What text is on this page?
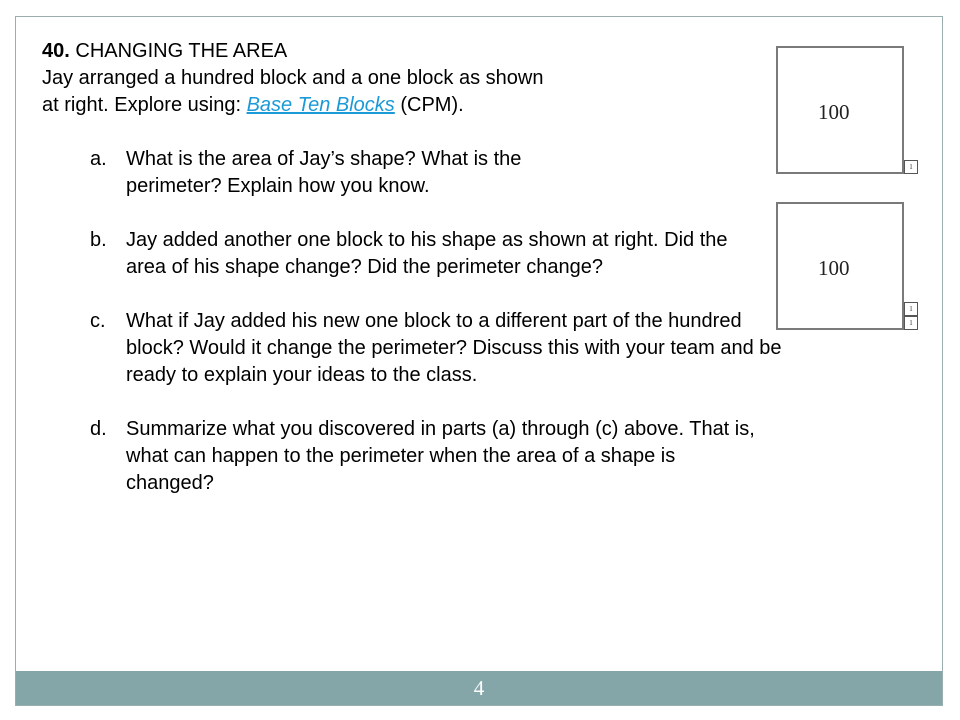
40. CHANGING THE AREA
Jay arranged a hundred block and a one block as shown
at right. Explore using: Base Ten Blocks (CPM).
a. What is the area of Jay’s shape? What is the perimeter? Explain how you know.
b. Jay added another one block to his shape as shown at right. Did the area of his shape change? Did the perimeter change?
c. What if Jay added his new one block to a different part of the hundred block? Would it change the perimeter? Discuss this with your team and be ready to explain your ideas to the class.
d. Summarize what you discovered in parts (a) through (c) above. That is, what can happen to the perimeter when the area of a shape is changed?
100
1
100
1
1
4
